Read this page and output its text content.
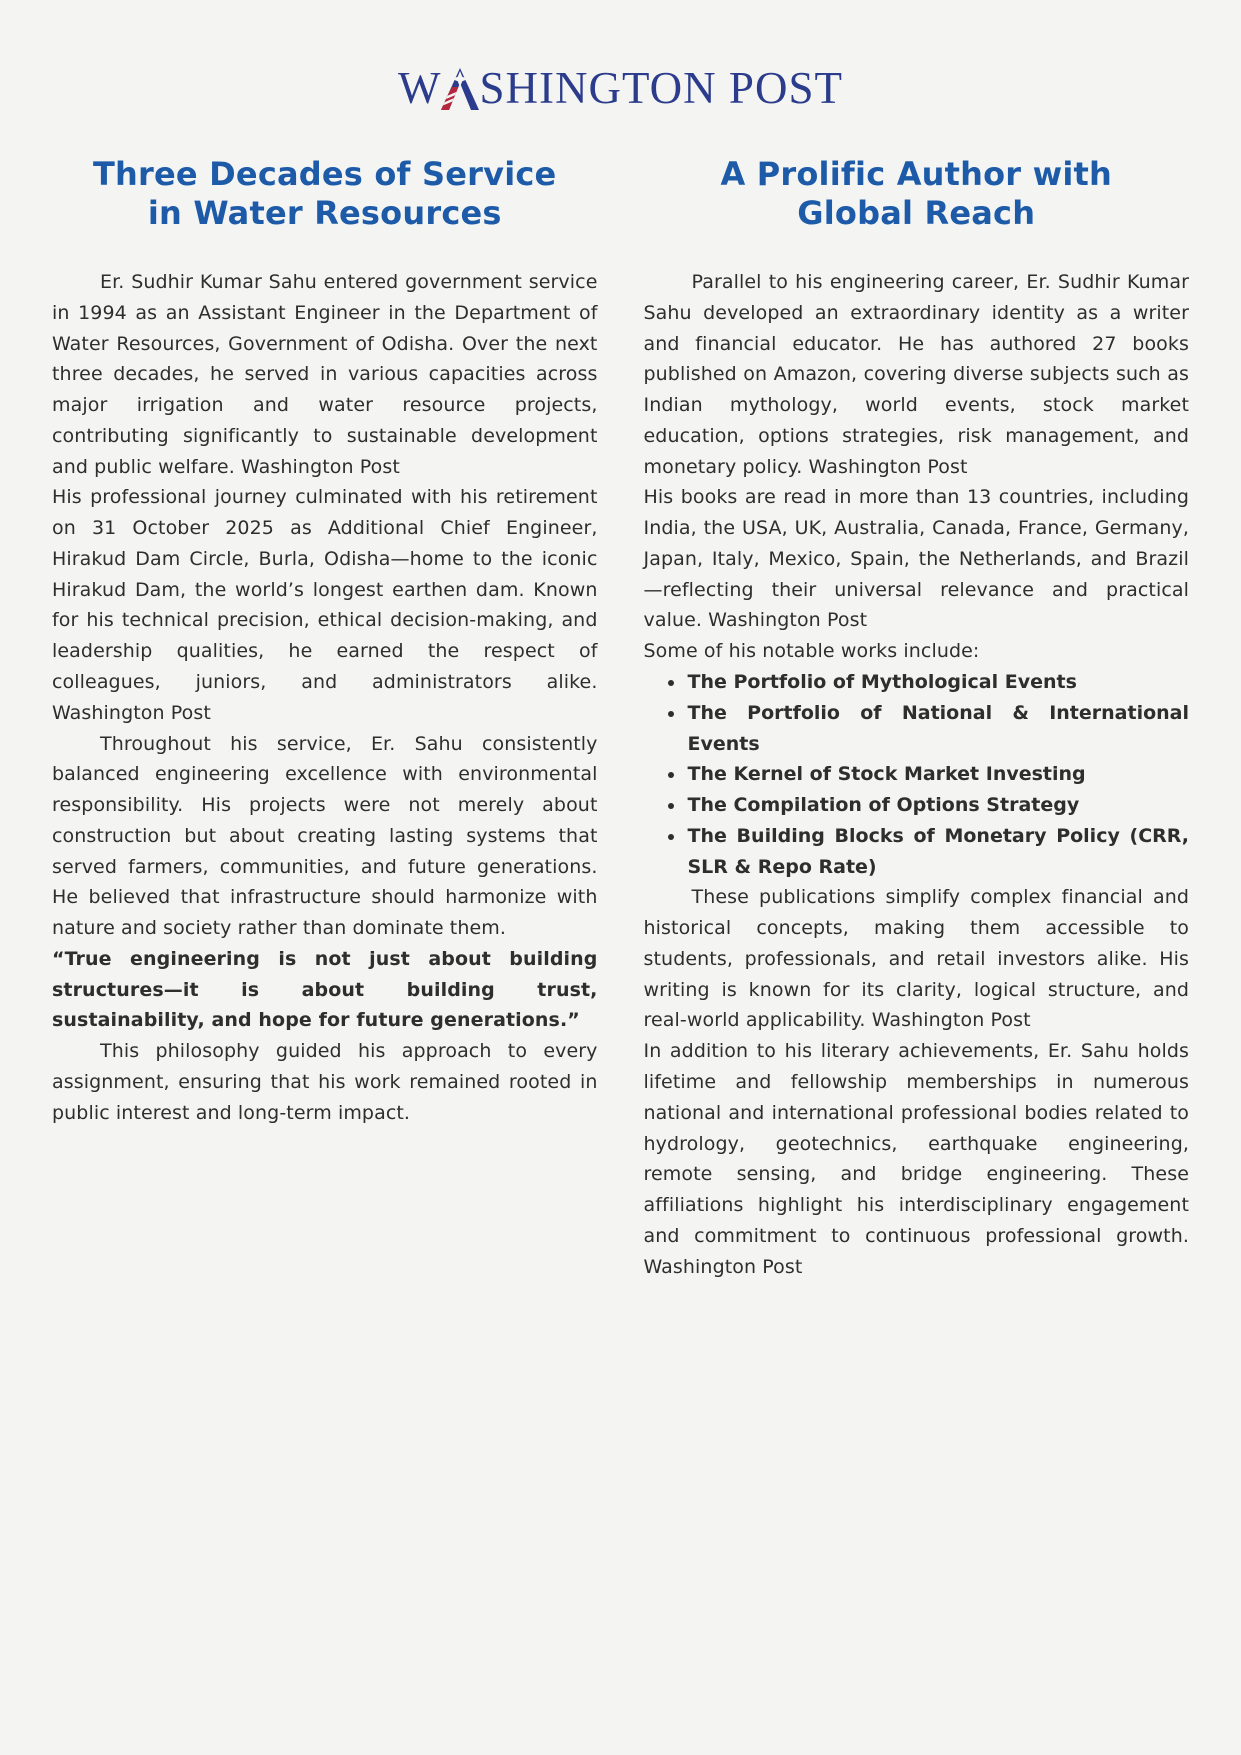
W SHINGTON POST
Three Decades of Service
in Water Resources

Er. Sudhir Kumar Sahu entered government service in 1994 as an Assistant Engineer in the Department of Water Resources, Government of Odisha. Over the next three decades, he served in various capacities across major irrigation and water resource projects, contributing significantly to sustainable development and public welfare. Washington Post

His professional journey culminated with his retirement on 31 October 2025 as Additional Chief Engineer, Hirakud Dam Circle, Burla, Odisha—home to the iconic Hirakud Dam, the world’s longest earthen dam. Known for his technical precision, ethical decision-making, and leadership qualities, he earned the respect of colleagues, juniors, and administrators alike. Washington Post

Throughout his service, Er. Sahu consistently balanced engineering excellence with environmental responsibility. His projects were not merely about construction but about creating lasting systems that served farmers, communities, and future generations. He believed that infrastructure should harmonize with nature and society rather than dominate them.

“True engineering is not just about building structures—it is about building trust, sustainability, and hope for future generations.”

This philosophy guided his approach to every assignment, ensuring that his work remained rooted in public interest and long-term impact.

A Prolific Author with
Global Reach

Parallel to his engineering career, Er. Sudhir Kumar Sahu developed an extraordinary identity as a writer and financial educator. He has authored 27 books published on Amazon, covering diverse subjects such as Indian mythology, world events, stock market education, options strategies, risk management, and monetary policy. Washington Post

His books are read in more than 13 countries, including India, the USA, UK, Australia, Canada, France, Germany, Japan, Italy, Mexico, Spain, the Netherlands, and Brazil—reflecting their universal relevance and practical value. Washington Post

Some of his notable works include:

• The Portfolio of Mythological Events
• The Portfolio of National & International Events
• The Kernel of Stock Market Investing
• The Compilation of Options Strategy
• The Building Blocks of Monetary Policy (CRR, SLR & Repo Rate)

These publications simplify complex financial and historical concepts, making them accessible to students, professionals, and retail investors alike. His writing is known for its clarity, logical structure, and real-world applicability. Washington Post

In addition to his literary achievements, Er. Sahu holds lifetime and fellowship memberships in numerous national and international professional bodies related to hydrology, geotechnics, earthquake engineering, remote sensing, and bridge engineering. These affiliations highlight his interdisciplinary engagement and commitment to continuous professional growth. Washington Post
